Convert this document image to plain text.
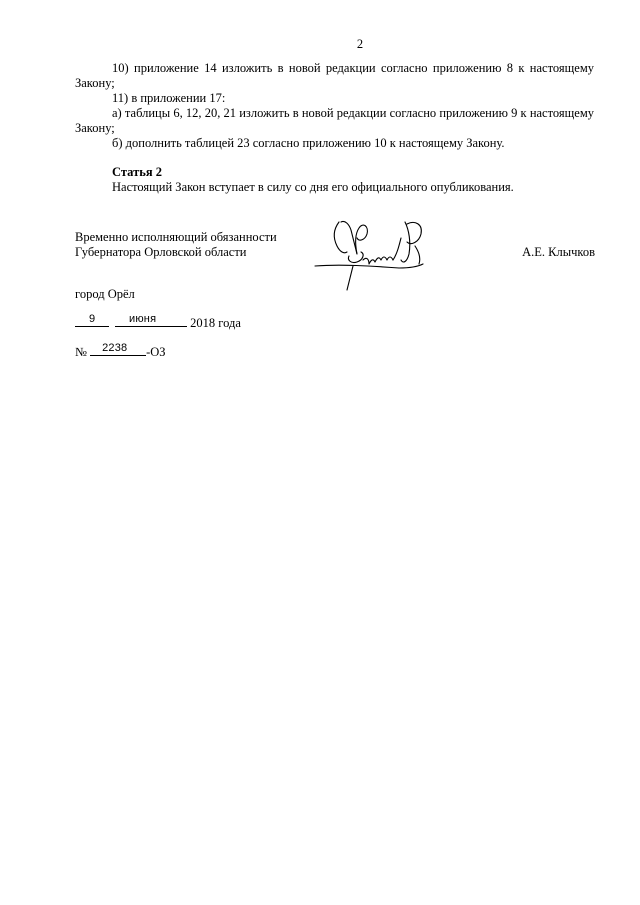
2

10) приложение 14 изложить в новой редакции согласно приложению 8 к настоящему Закону;

11) в приложении 17:

а) таблицы 6, 12, 20, 21 изложить в новой редакции согласно приложению 9 к настоящему Закону;

б) дополнить таблицей 23 согласно приложению 10 к настоящему Закону.

Статья 2

Настоящий Закон вступает в силу со дня его официального опубликования.

Временно исполняющий обязанности
Губернатора Орловской области	А.Е. Клычков
город Орёл
9	июня	2018 года
№ 2238 -ОЗ
